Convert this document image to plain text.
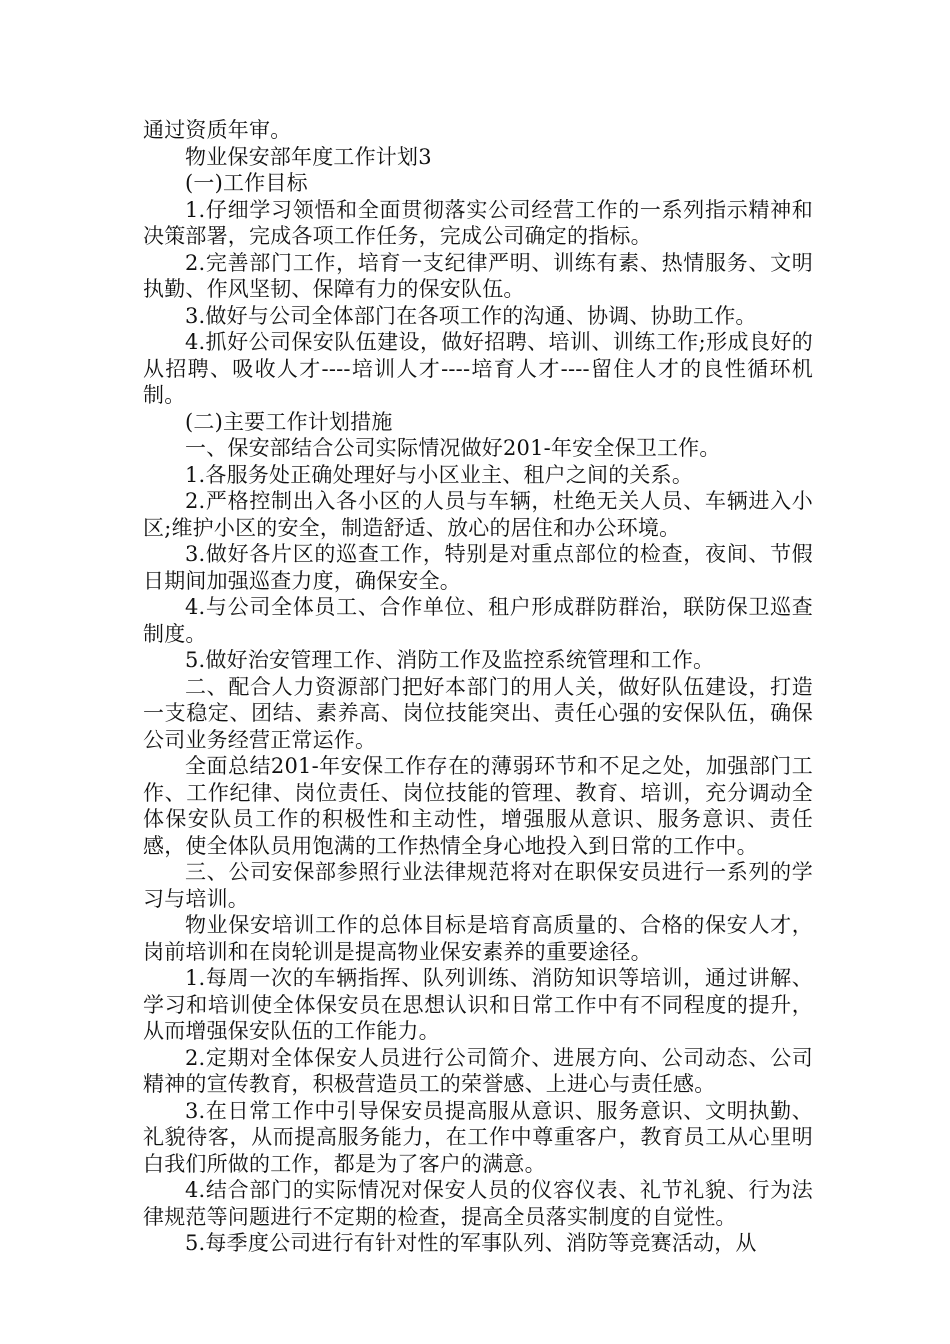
通过资质年审。

物业保安部年度工作计划3

(一)工作目标

1.仔细学习领悟和全面贯彻落实公司经营工作的一系列指示精神和决策部署，完成各项工作任务，完成公司确定的指标。

2.完善部门工作，培育一支纪律严明、训练有素、热情服务、文明执勤、作风坚韧、保障有力的保安队伍。

3.做好与公司全体部门在各项工作的沟通、协调、协助工作。

4.抓好公司保安队伍建设，做好招聘、培训、训练工作;形成良好的从招聘、吸收人才----培训人才----培育人才----留住人才的良性循环机制。

(二)主要工作计划措施

一、保安部结合公司实际情况做好201-年安全保卫工作。

1.各服务处正确处理好与小区业主、租户之间的关系。

2.严格控制出入各小区的人员与车辆，杜绝无关人员、车辆进入小区;维护小区的安全，制造舒适、放心的居住和办公环境。

3.做好各片区的巡查工作，特别是对重点部位的检查，夜间、节假日期间加强巡查力度，确保安全。

4.与公司全体员工、合作单位、租户形成群防群治，联防保卫巡查制度。

5.做好治安管理工作、消防工作及监控系统管理和工作。

二、配合人力资源部门把好本部门的用人关，做好队伍建设，打造一支稳定、团结、素养高、岗位技能突出、责任心强的安保队伍，确保公司业务经营正常运作。

全面总结201-年安保工作存在的薄弱环节和不足之处，加强部门工作、工作纪律、岗位责任、岗位技能的管理、教育、培训，充分调动全体保安队员工作的积极性和主动性，增强服从意识、服务意识、责任感，使全体队员用饱满的工作热情全身心地投入到日常的工作中。

三、公司安保部参照行业法律规范将对在职保安员进行一系列的学习与培训。

物业保安培训工作的总体目标是培育高质量的、合格的保安人才，岗前培训和在岗轮训是提高物业保安素养的重要途径。

1.每周一次的车辆指挥、队列训练、消防知识等培训，通过讲解、学习和培训使全体保安员在思想认识和日常工作中有不同程度的提升，从而增强保安队伍的工作能力。

2.定期对全体保安人员进行公司简介、进展方向、公司动态、公司精神的宣传教育，积极营造员工的荣誉感、上进心与责任感。

3.在日常工作中引导保安员提高服从意识、服务意识、文明执勤、礼貌待客，从而提高服务能力，在工作中尊重客户，教育员工从心里明白我们所做的工作，都是为了客户的满意。

4.结合部门的实际情况对保安人员的仪容仪表、礼节礼貌、行为法律规范等问题进行不定期的检查，提高全员落实制度的自觉性。

5.每季度公司进行有针对性的军事队列、消防等竞赛活动，从
